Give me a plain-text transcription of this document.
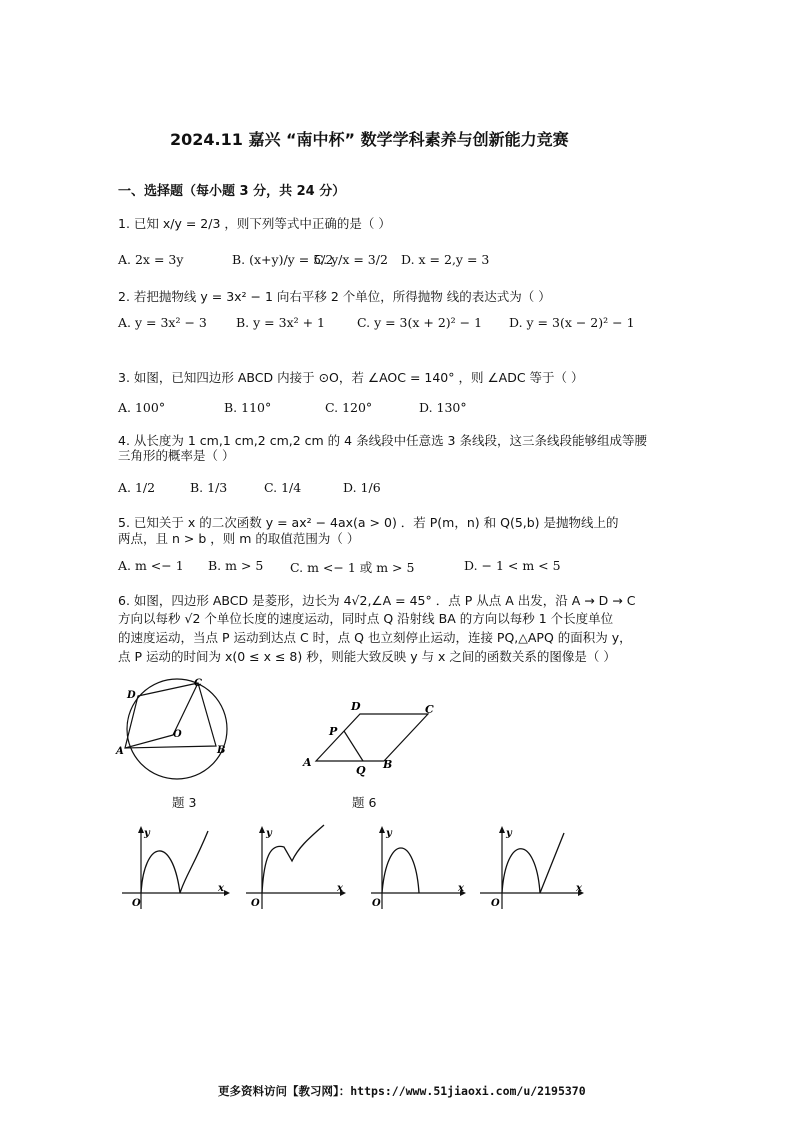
2024.11 嘉兴 “南中杯” 数学学科素养与创新能力竞赛
一、选择题（每小题 3 分，共 24 分）
1. 已知 x/y = 2/3 ，则下列等式中正确的是（ ）
A. 2x = 3y	B. (x+y)/y = 5/2
C. y/x = 3/2 D. x = 2,y = 3
2. 若把抛物线 y = 3x² − 1 向右平移 2 个单位，所得抛物 线的表达式为（ ）
A. y = 3x² − 3 B. y = 3x² + 1	C. y = 3(x + 2)² − 1 D. y = 3(x − 2)² − 1
3. 如图，已知四边形 ABCD 内接于 ⊙O，若 ∠AOC = 140° ，则 ∠ADC 等于（ ）
A. 100°	B. 110°	C. 120°	D. 130°
4. 从长度为 1 cm,1 cm,2 cm,2 cm 的 4 条线段中任意选 3 条线段，这三条线段能够组成等腰
三角形的概率是（ ）
A. 1/2	B. 1/3	C. 1/4	D. 1/6
5. 已知关于 x 的二次函数 y = ax² − 4ax(a > 0) ．若 P(m，n) 和 Q(5,b) 是抛物线上的
两点，且 n > b ，则 m 的取值范围为（ ）
A. m <− 1 B. m > 5 C. m <− 1 或 m > 5	D. − 1 < m < 5
6. 如图，四边形 ABCD 是菱形，边长为 4√2,∠A = 45° ．点 P 从点 A 出发，沿 A → D → C
方向以每秒 √2 个单位长度的速度运动，同时点 Q 沿射线 BA 的方向以每秒 1 个长度单位
的速度运动，当点 P 运动到达点 C 时，点 Q 也立刻停止运动，连接 PQ,△APQ 的面积为 y，
点 P 运动的时间为 x(0 ≤ x ≤ 8) 秒，则能大致反映 y 与 x 之间的函数关系的图像是（ ）
D
C
O
A	B
题 3
D	C
P
A
Q B
题 6
y
x
O
y
x
O
y
x
O
y
x
O
更多资料访问【教习网】：https://www.51jiaoxi.com/u/2195370
